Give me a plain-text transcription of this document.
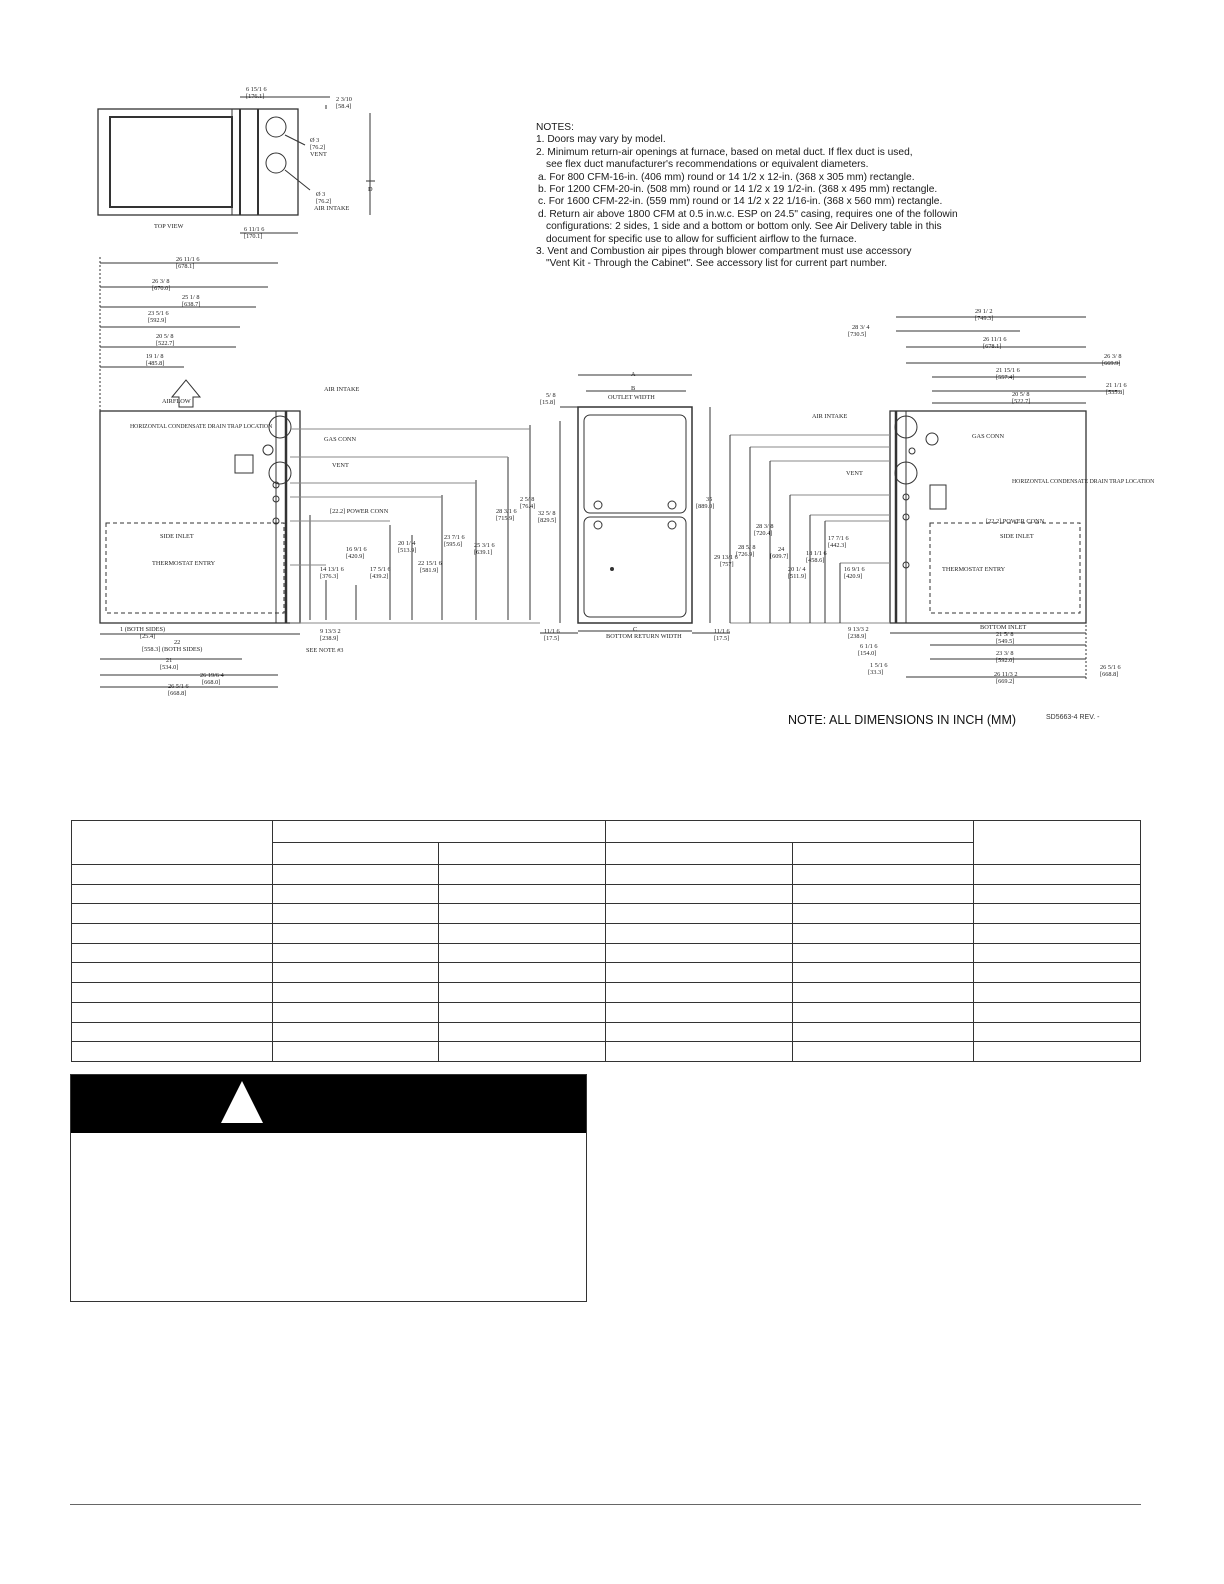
6 15/1 6
[176.1]	2 3/10
[58.4]
Ø 3
[76.2]
VENT
Ø 3
[76.2]
AIR INTAKE
D
TOP VIEW	6 11/1 6
[170.1]
26 11/1 6
[678.1]
26 3/ 8
[670.0]
25 1/ 8
[638.7]
23 5/1 6
[592.9]
20 5/ 8
[522.7]
19 1/ 8
[485.8]
AIRFLOW
HORIZONTAL CONDENSATE DRAIN TRAP LOCATION
SIDE INLET
THERMOSTAT ENTRY
[22.2] POWER CONN
GAS CONN
AIR INTAKE
VENT
SEE NOTE #3
1 (BOTH SIDES)
[25.4]
22
[558.3] (BOTH SIDES)
21
[534.0]
26 19/6 4
[668.0]
26 5/1 6
[668.8]
9 13/3 2
[238.9]
14 13/1 6
[376.3]
16 9/1 6
[420.9]
17 5/1 6
[439.2]
20 1/ 4
[513.9]
22 15/1 6
[581.9]
23 7/1 6
[595.6] 25 3/1 6
[639.1]
28 3/1 6
[715.9]
32 5/ 8
[829.5]
A
B
OUTLET WIDTH
5/ 8
[15.8]
35
[889.0]
2 5/ 8
[76.4]
C
BOTTOM RETURN WIDTH
11/1 6
[17.5]
11/1 6
[17.5]
29 1/ 2
[749.3]
28 3/ 4
[730.5]
26 11/1 6
[678.1]
26 3/ 8
[669.9]
21 15/1 6
[557.4]
21 1/1 6
[535.8]
20 5/ 8
[522.7]
AIR INTAKE
GAS CONN
VENT
HORIZONTAL CONDENSATE DRAIN TRAP LOCATION
[22.2] POWER CONN
SIDE INLET
THERMOSTAT ENTRY
BOTTOM INLET
29 13/1 6
[757]
28 5/ 8
[726.9]
28 3/ 8
[720.4]
24
[609.7]
20 1/ 4
[511.9]
18 1/1 6
[458.6]
17 7/1 6
[442.3]
16 9/1 6
[420.9]
21 5/ 8
[549.5]
23 3/ 8
[592.0]
26 11/3 2
[669.2]
26 5/1 6
[668.8]
9 13/3 2
[238.9]
6 1/1 6
[154.0]
1 5/1 6
[33.3]
NOTES:
1. Doors may vary by model.
2. Minimum return-air openings at furnace, based on metal duct. If flex duct is used,
see flex duct manufacturer's recommendations or equivalent diameters.
a. For 800 CFM-16-in. (406 mm) round or 14 1/2 x 12-in. (368 x 305 mm) rectangle.
b. For 1200 CFM-20-in. (508 mm) round or 14 1/2 x 19 1/2-in. (368 x 495 mm) rectangle.
c. For 1600 CFM-22-in. (559 mm) round or 14 1/2 x 22 1/16-in. (368 x 560 mm) rectangle.
d. Return air above 1800 CFM at 0.5 in.w.c. ESP on 24.5" casing, requires one of the followin
configurations: 2 sides, 1 side and a bottom or bottom only. See Air Delivery table in this
document for specific use to allow for sufficient airflow to the furnace.
3. Vent and Combustion air pipes through blower compartment must use accessory
"Vent Kit - Through the Cabinet". See accessory list for current part number.
NOTE: ALL DIMENSIONS IN INCH (MM)	SD5663-4 REV. -
